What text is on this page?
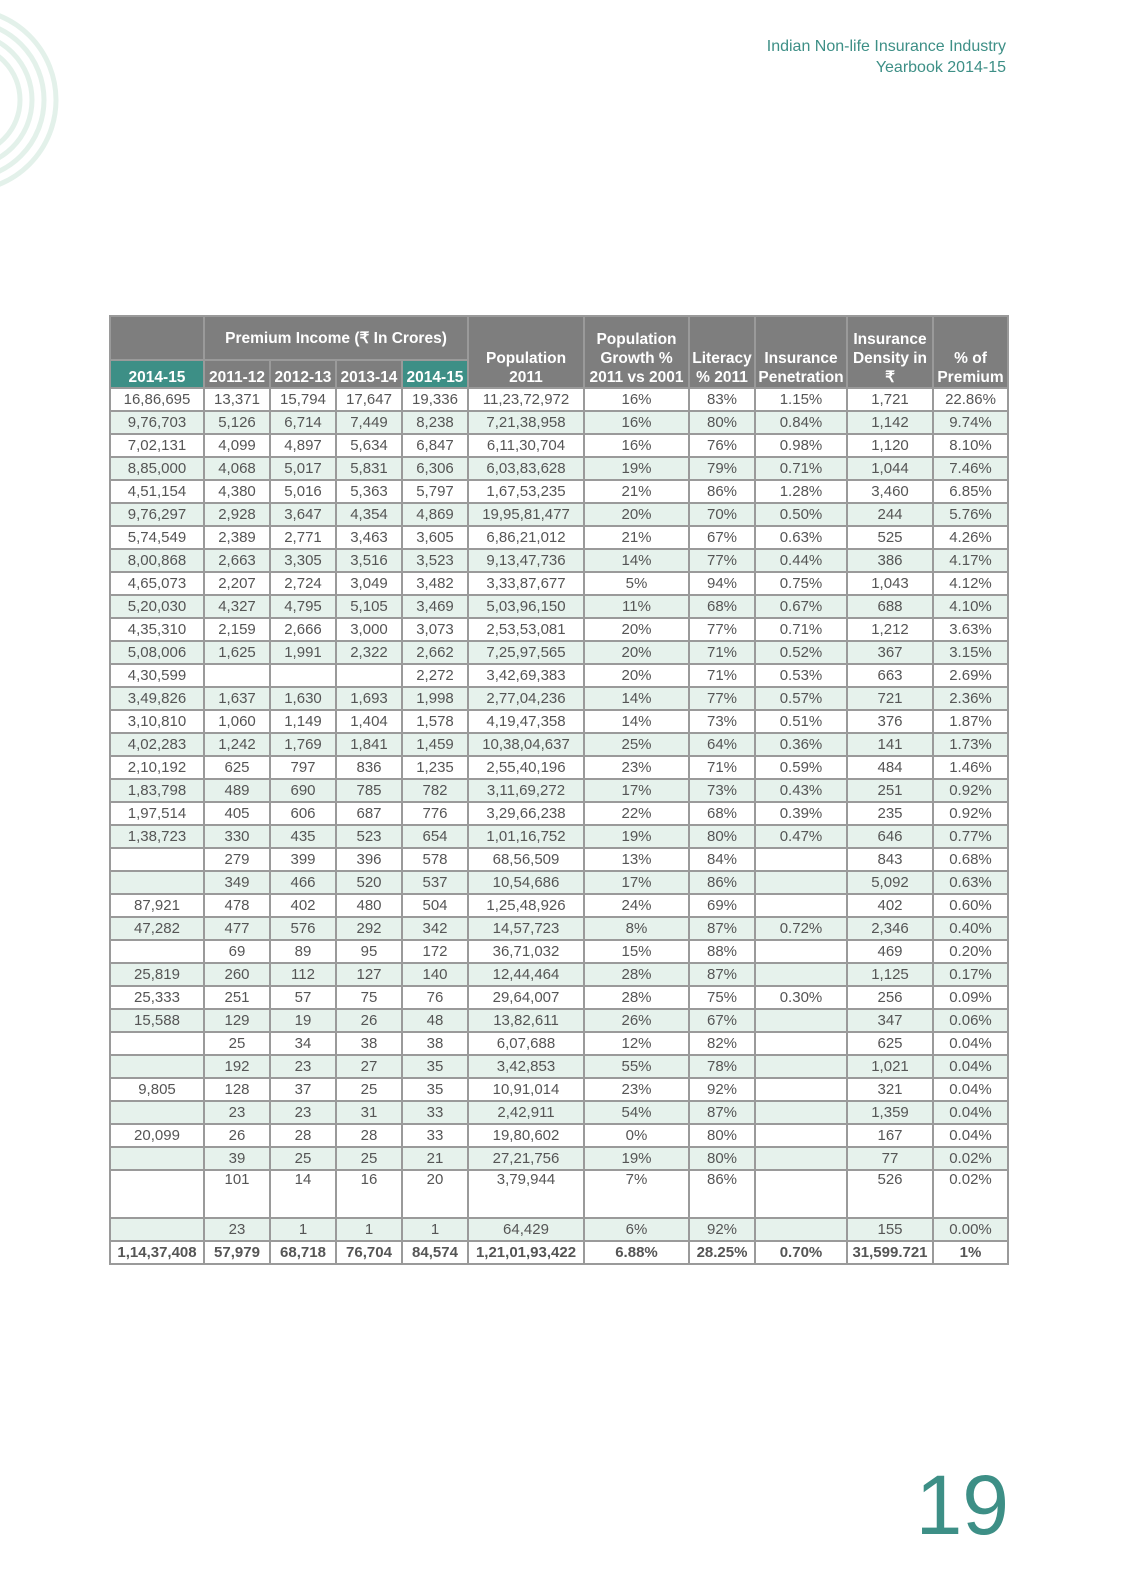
Indian Non-life Insurance Industry
Yearbook 2014-15
	Premium Income (₹ In Crores)				Population 2011	Population Growth % 2011 vs 2001	Literacy % 2011	Insurance Penetration	Insurance Density in ₹	% of Premium

2014-15	2011-12	2012-13	2013-14	2014-15						
16,86,695	13,371	15,794	17,647	19,336	11,23,72,972	16%	83%	1.15%	1,721	22.86%
9,76,703	5,126	6,714	7,449	8,238	7,21,38,958	16%	80%	0.84%	1,142	9.74%
7,02,131	4,099	4,897	5,634	6,847	6,11,30,704	16%	76%	0.98%	1,120	8.10%
8,85,000	4,068	5,017	5,831	6,306	6,03,83,628	19%	79%	0.71%	1,044	7.46%
4,51,154	4,380	5,016	5,363	5,797	1,67,53,235	21%	86%	1.28%	3,460	6.85%
9,76,297	2,928	3,647	4,354	4,869	19,95,81,477	20%	70%	0.50%	244	5.76%
5,74,549	2,389	2,771	3,463	3,605	6,86,21,012	21%	67%	0.63%	525	4.26%
8,00,868	2,663	3,305	3,516	3,523	9,13,47,736	14%	77%	0.44%	386	4.17%
4,65,073	2,207	2,724	3,049	3,482	3,33,87,677	5%	94%	0.75%	1,043	4.12%
5,20,030	4,327	4,795	5,105	3,469	5,03,96,150	11%	68%	0.67%	688	4.10%
4,35,310	2,159	2,666	3,000	3,073	2,53,53,081	20%	77%	0.71%	1,212	3.63%
5,08,006	1,625	1,991	2,322	2,662	7,25,97,565	20%	71%	0.52%	367	3.15%
4,30,599				2,272	3,42,69,383	20%	71%	0.53%	663	2.69%
3,49,826	1,637	1,630	1,693	1,998	2,77,04,236	14%	77%	0.57%	721	2.36%
3,10,810	1,060	1,149	1,404	1,578	4,19,47,358	14%	73%	0.51%	376	1.87%
4,02,283	1,242	1,769	1,841	1,459	10,38,04,637	25%	64%	0.36%	141	1.73%
2,10,192	625	797	836	1,235	2,55,40,196	23%	71%	0.59%	484	1.46%
1,83,798	489	690	785	782	3,11,69,272	17%	73%	0.43%	251	0.92%
1,97,514	405	606	687	776	3,29,66,238	22%	68%	0.39%	235	0.92%
1,38,723	330	435	523	654	1,01,16,752	19%	80%	0.47%	646	0.77%
	279	399	396	578	68,56,509	13%	84%		843	0.68%
	349	466	520	537	10,54,686	17%	86%		5,092	0.63%
87,921	478	402	480	504	1,25,48,926	24%	69%		402	0.60%
47,282	477	576	292	342	14,57,723	8%	87%	0.72%	2,346	0.40%
	69	89	95	172	36,71,032	15%	88%		469	0.20%
25,819	260	112	127	140	12,44,464	28%	87%		1,125	0.17%
25,333	251	57	75	76	29,64,007	28%	75%	0.30%	256	0.09%
15,588	129	19	26	48	13,82,611	26%	67%		347	0.06%
	25	34	38	38	6,07,688	12%	82%		625	0.04%
	192	23	27	35	3,42,853	55%	78%		1,021	0.04%
9,805	128	37	25	35	10,91,014	23%	92%		321	0.04%
	23	23	31	33	2,42,911	54%	87%		1,359	0.04%
20,099	26	28	28	33	19,80,602	0%	80%		167	0.04%
	39	25	25	21	27,21,756	19%	80%		77	0.02%
	101	14	16	20	3,79,944	7%	86%		526	0.02%
	23	1	1	1	64,429	6%	92%		155	0.00%
1,14,37,408	57,979	68,718	76,704	84,574	1,21,01,93,422	6.88%	28.25%	0.70%	31,599.721	1%
19
